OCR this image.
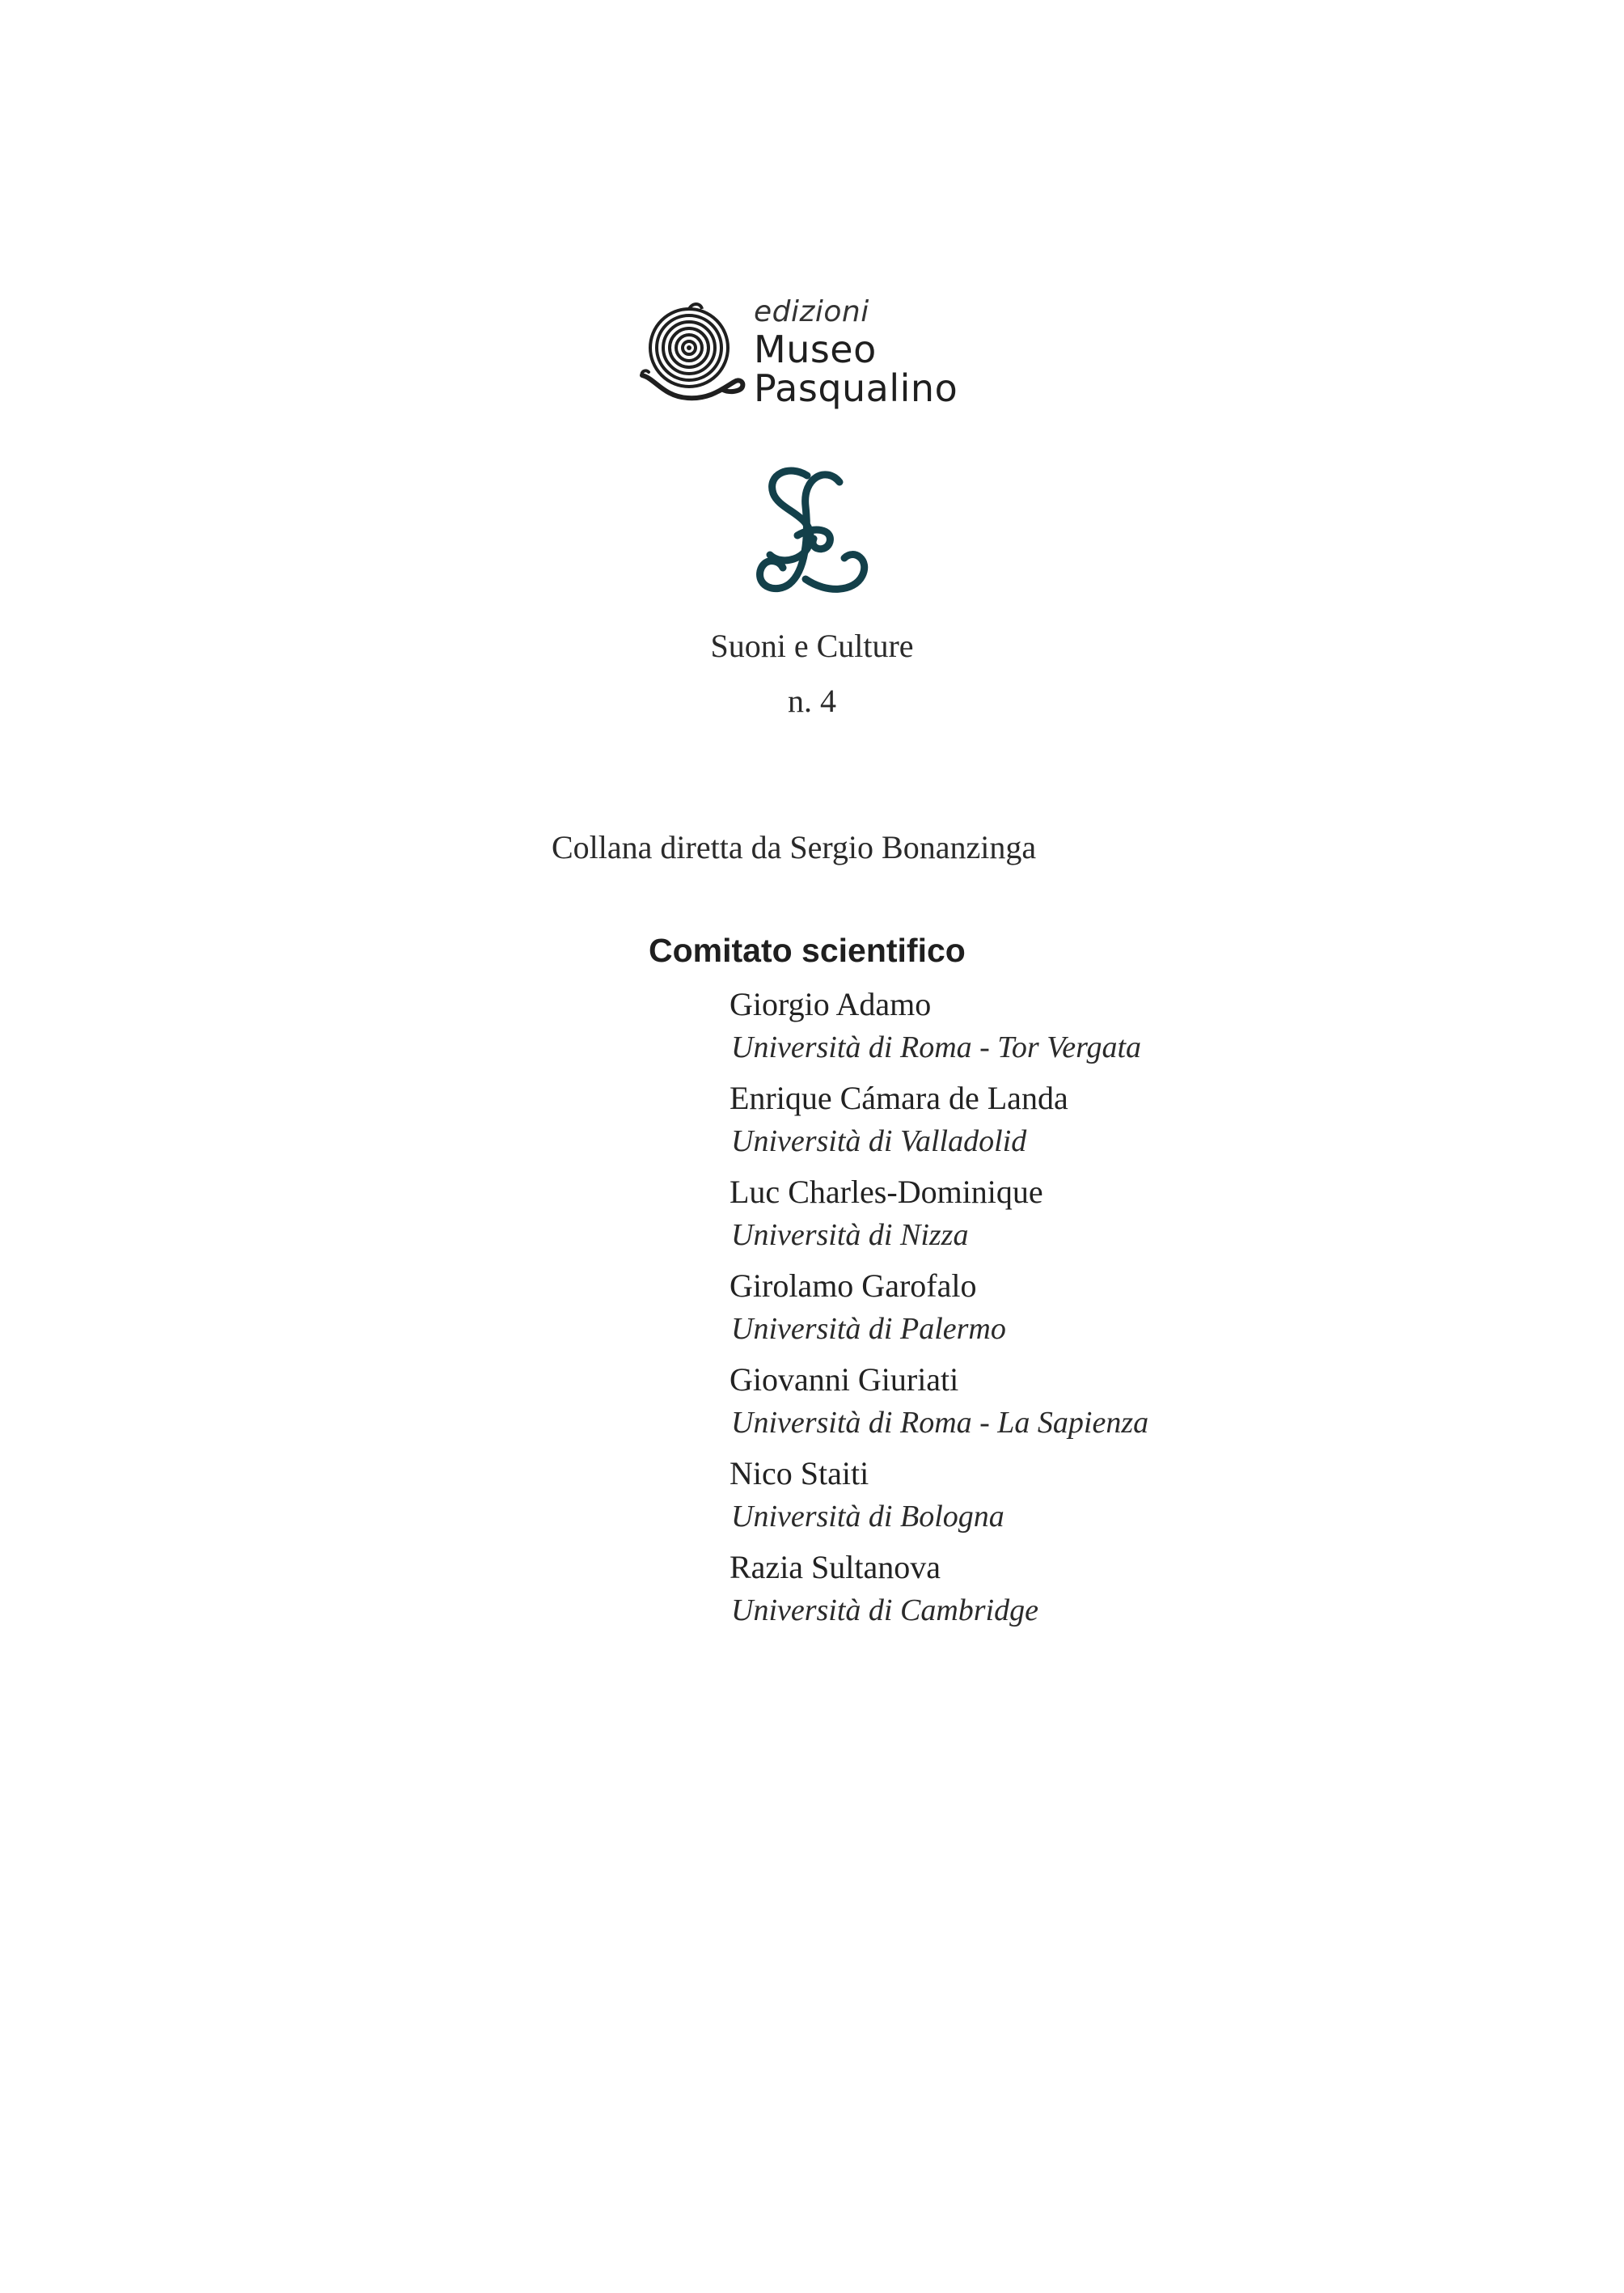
edizioni
Museo
Pasqualino
Suoni e Culture
n. 4
Collana diretta da Sergio Bonanzinga
Comitato scientifico
Giorgio Adamo
Università di Roma - Tor Vergata
Enrique Cámara de Landa
Università di Valladolid
Luc Charles-Dominique
Università di Nizza
Girolamo Garofalo
Università di Palermo
Giovanni Giuriati
Università di Roma - La Sapienza
Nico Staiti
Università di Bologna
Razia Sultanova
Università di Cambridge
